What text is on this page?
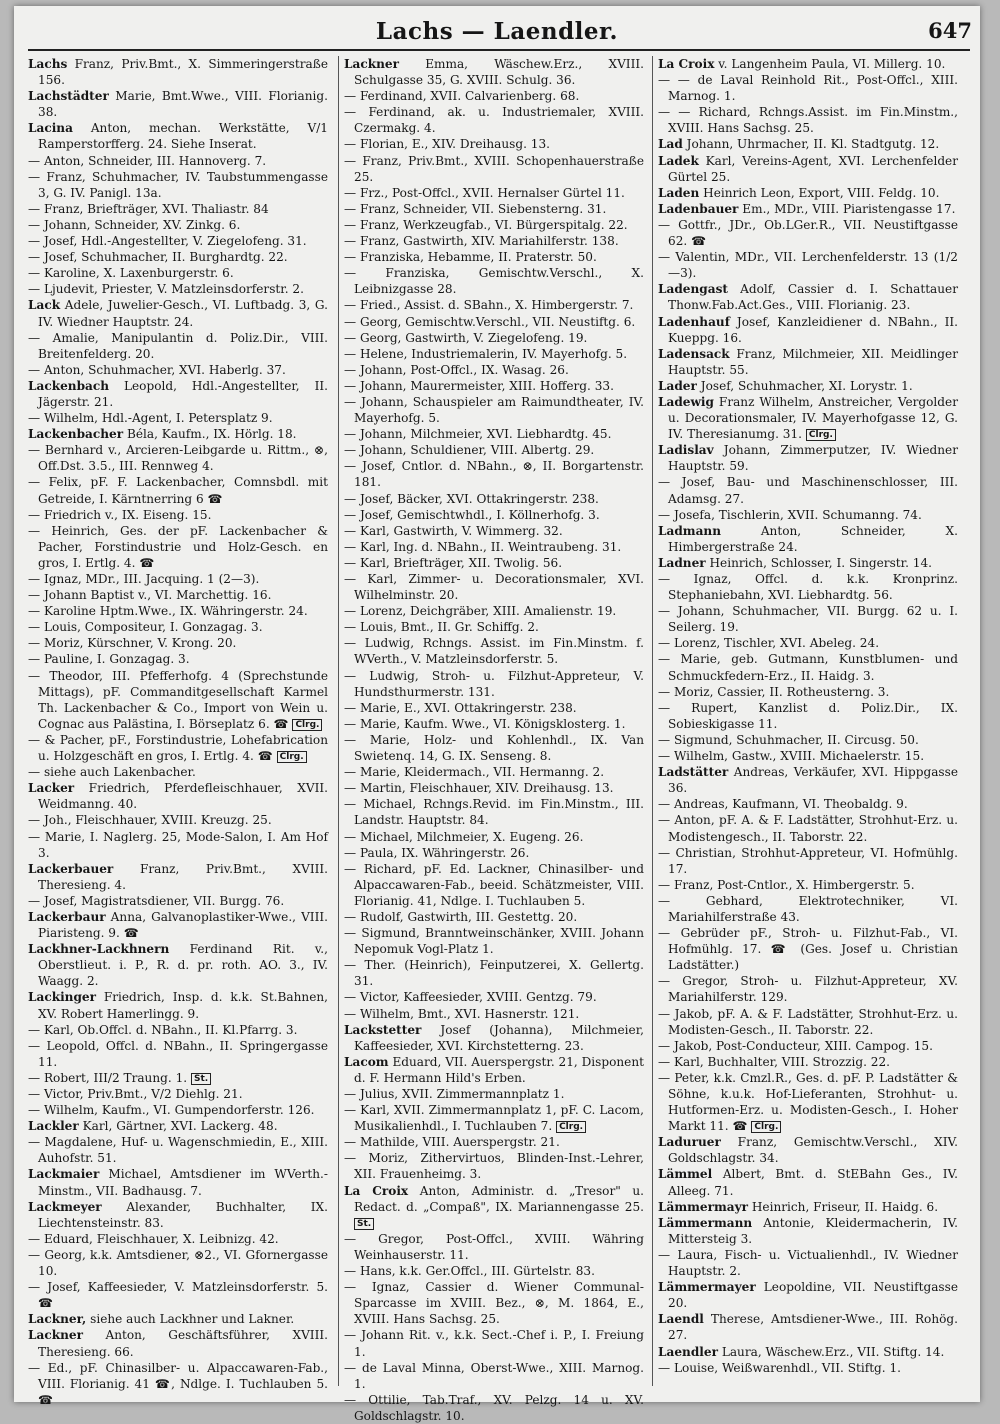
Lachs — Laendler.	647
Lachs Franz, Priv.Bmt., X. Simmeringerstraße 156.
Lachstädter Marie, Bmt.Wwe., VIII. Florianig. 38.
Lacina Anton, mechan. Werkstätte, V/1 Ramperstorfferg. 24. Siehe Inserat.
— Anton, Schneider, III. Hannoverg. 7.
— Franz, Schuhmacher, IV. Taubstummengasse 3, G. IV. Panigl. 13a.
— Franz, Briefträger, XVI. Thaliastr. 84
— Johann, Schneider, XV. Zinkg. 6.
— Josef, Hdl.-Angestellter, V. Ziegelofeng. 31.
— Josef, Schuhmacher, II. Burghardtg. 22.
— Karoline, X. Laxenburgerstr. 6.
— Ljudevit, Priester, V. Matzleinsdorferstr. 2.
Lack Adele, Juwelier-Gesch., VI. Luftbadg. 3, G. IV. Wiedner Hauptstr. 24.
— Amalie, Manipulantin d. Poliz.Dir., VIII. Breitenfelderg. 20.
— Anton, Schuhmacher, XVI. Haberlg. 37.
Lackenbach Leopold, Hdl.-Angestellter, II. Jägerstr. 21.
— Wilhelm, Hdl.-Agent, I. Petersplatz 9.
Lackenbacher Béla, Kaufm., IX. Hörlg. 18.
— Bernhard v., Arcieren-Leibgarde u. Rittm., ⊗, Off.Dst. 3.5., III. Rennweg 4.
— Felix, pF. F. Lackenbacher, Comnsbdl. mit Getreide, I. Kärntnerring 6 ☎
— Friedrich v., IX. Eiseng. 15.
— Heinrich, Ges. der pF. Lackenbacher & Pacher, Forstindustrie und Holz-Gesch. en gros, I. Ertlg. 4. ☎
— Ignaz, MDr., III. Jacquing. 1 (2—3).
— Johann Baptist v., VI. Marchettig. 16.
— Karoline Hptm.Wwe., IX. Währingerstr. 24.
— Louis, Compositeur, I. Gonzagag. 3.
— Moriz, Kürschner, V. Krong. 20.
— Pauline, I. Gonzagag. 3.
— Theodor, III. Pfefferhofg. 4 (Sprechstunde Mittags), pF. Commanditgesellschaft Karmel Th. Lackenbacher & Co., Import von Wein u. Cognac aus Palästina, I. Börseplatz 6. ☎ Clrg.
— & Pacher, pF., Forstindustrie, Lohefabrication u. Holzgeschäft en gros, I. Ertlg. 4. ☎ Clrg.
— siehe auch Lakenbacher.
Lacker Friedrich, Pferdefleischhauer, XVII. Weidmanng. 40.
— Joh., Fleischhauer, XVIII. Kreuzg. 25.
— Marie, I. Naglerg. 25, Mode-Salon, I. Am Hof 3.
Lackerbauer Franz, Priv.Bmt., XVIII. Theresieng. 4.
— Josef, Magistratsdiener, VII. Burgg. 76.
Lackerbaur Anna, Galvanoplastiker-Wwe., VIII. Piaristeng. 9. ☎
Lackhner-Lackhnern Ferdinand Rit. v., Oberstlieut. i. P., R. d. pr. roth. AO. 3., IV. Waagg. 2.
Lackinger Friedrich, Insp. d. k.k. St.Bahnen, XV. Robert Hamerlingg. 9.
— Karl, Ob.Offcl. d. NBahn., II. Kl.Pfarrg. 3.
— Leopold, Offcl. d. NBahn., II. Springergasse 11.
— Robert, III/2 Traung. 1. St.
— Victor, Priv.Bmt., V/2 Diehlg. 21.
— Wilhelm, Kaufm., VI. Gumpendorferstr. 126.
Lackler Karl, Gärtner, XVI. Lackerg. 48.
— Magdalene, Huf- u. Wagenschmiedin, E., XIII. Auhofstr. 51.
Lackmaier Michael, Amtsdiener im WVerth.-Minstm., VII. Badhausg. 7.
Lackmeyer Alexander, Buchhalter, IX. Liechtensteinstr. 83.
— Eduard, Fleischhauer, X. Leibnizg. 42.
— Georg, k.k. Amtsdiener, ⊗2., VI. Gfornergasse 10.
— Josef, Kaffeesieder, V. Matzleinsdorferstr. 5. ☎
Lackner, siehe auch Lackhner und Lakner.
Lackner Anton, Geschäftsführer, XVIII. Theresieng. 66.
— Ed., pF. Chinasilber- u. Alpaccawaren-Fab., VIII. Florianig. 41 ☎, Ndlge. I. Tuchlauben 5. ☎
Lackner Emma, Wäschew.Erz., XVIII. Schulgasse 35, G. XVIII. Schulg. 36.
— Ferdinand, XVII. Calvarienberg. 68.
— Ferdinand, ak. u. Industriemaler, XVIII. Czermakg. 4.
— Florian, E., XIV. Dreihausg. 13.
— Franz, Priv.Bmt., XVIII. Schopenhauerstraße 25.
— Frz., Post-Offcl., XVII. Hernalser Gürtel 11.
— Franz, Schneider, VII. Siebensterng. 31.
— Franz, Werkzeugfab., VI. Bürgerspitalg. 22.
— Franz, Gastwirth, XIV. Mariahilferstr. 138.
— Franziska, Hebamme, II. Praterstr. 50.
— Franziska, Gemischtw.Verschl., X. Leibnizgasse 28.
— Fried., Assist. d. SBahn., X. Himbergerstr. 7.
— Georg, Gemischtw.Verschl., VII. Neustiftg. 6.
— Georg, Gastwirth, V. Ziegelofeng. 19.
— Helene, Industriemalerin, IV. Mayerhofg. 5.
— Johann, Post-Offcl., IX. Wasag. 26.
— Johann, Maurermeister, XIII. Hofferg. 33.
— Johann, Schauspieler am Raimundtheater, IV. Mayerhofg. 5.
— Johann, Milchmeier, XVI. Liebhardtg. 45.
— Johann, Schuldiener, VIII. Albertg. 29.
— Josef, Cntlor. d. NBahn., ⊗, II. Borgartenstr. 181.
— Josef, Bäcker, XVI. Ottakringerstr. 238.
— Josef, Gemischtwhdl., I. Köllnerhofg. 3.
— Karl, Gastwirth, V. Wimmerg. 32.
— Karl, Ing. d. NBahn., II. Weintraubeng. 31.
— Karl, Briefträger, XII. Twolig. 56.
— Karl, Zimmer- u. Decorationsmaler, XVI. Wilhelminstr. 20.
— Lorenz, Deichgräber, XIII. Amalienstr. 19.
— Louis, Bmt., II. Gr. Schiffg. 2.
— Ludwig, Rchngs. Assist. im Fin.Minstm. f. WVerth., V. Matzleinsdorferstr. 5.
— Ludwig, Stroh- u. Filzhut-Appreteur, V. Hundsthurmerstr. 131.
— Marie, E., XVI. Ottakringerstr. 238.
— Marie, Kaufm. Wwe., VI. Königsklosterg. 1.
— Marie, Holz- und Kohlenhdl., IX. Van Swietenq. 14, G. IX. Senseng. 8.
— Marie, Kleidermach., VII. Hermanng. 2.
— Martin, Fleischhauer, XIV. Dreihausg. 13.
— Michael, Rchngs.Revid. im Fin.Minstm., III. Landstr. Hauptstr. 84.
— Michael, Milchmeier, X. Eugeng. 26.
— Paula, IX. Währingerstr. 26.
— Richard, pF. Ed. Lackner, Chinasilber- und Alpaccawaren-Fab., beeid. Schätzmeister, VIII. Florianig. 41, Ndlge. I. Tuchlauben 5.
— Rudolf, Gastwirth, III. Gestettg. 20.
— Sigmund, Branntweinschänker, XVIII. Johann Nepomuk Vogl-Platz 1.
— Ther. (Heinrich), Feinputzerei, X. Gellertg. 31.
— Victor, Kaffeesieder, XVIII. Gentzg. 79.
— Wilhelm, Bmt., XVI. Hasnerstr. 121.
Lackstetter Josef (Johanna), Milchmeier, Kaffeesieder, XVI. Kirchstetterng. 23.
Lacom Eduard, VII. Auerspergstr. 21, Disponent d. F. Hermann Hild's Erben.
— Julius, XVII. Zimmermannplatz 1.
— Karl, XVII. Zimmermannplatz 1, pF. C. Lacom, Musikalienhdl., I. Tuchlauben 7. Clrg.
— Mathilde, VIII. Auerspergstr. 21.
— Moriz, Zithervirtuos, Blinden-Inst.-Lehrer, XII. Frauenheimg. 3.
La Croix Anton, Administr. d. „Tresor" u. Redact. d. „Compaß", IX. Mariannengasse 25. St.
— Gregor, Post-Offcl., XVIII. Währing Weinhauserstr. 11.
— Hans, k.k. Ger.Offcl., III. Gürtelstr. 83.
— Ignaz, Cassier d. Wiener Communal-Sparcasse im XVIII. Bez., ⊗, M. 1864, E., XVIII. Hans Sachsg. 25.
— Johann Rit. v., k.k. Sect.-Chef i. P., I. Freiung 1.
— de Laval Minna, Oberst-Wwe., XIII. Marnog. 1.
— Ottilie, Tab.Traf., XV. Pelzg. 14 u. XV. Goldschlagstr. 10.
La Croix v. Langenheim Paula, VI. Millerg. 10.
— — de Laval Reinhold Rit., Post-Offcl., XIII. Marnog. 1.
— — Richard, Rchngs.Assist. im Fin.Minstm., XVIII. Hans Sachsg. 25.
Lad Johann, Uhrmacher, II. Kl. Stadtgutg. 12.
Ladek Karl, Vereins-Agent, XVI. Lerchenfelder Gürtel 25.
Laden Heinrich Leon, Export, VIII. Feldg. 10.
Ladenbauer Em., MDr., VIII. Piaristengasse 17.
— Gottfr., JDr., Ob.LGer.R., VII. Neustiftgasse 62. ☎
— Valentin, MDr., VII. Lerchenfelderstr. 13 (1/2—3).
Ladengast Adolf, Cassier d. I. Schattauer Thonw.Fab.Act.Ges., VIII. Florianig. 23.
Ladenhauf Josef, Kanzleidiener d. NBahn., II. Kueppg. 16.
Ladensack Franz, Milchmeier, XII. Meidlinger Hauptstr. 55.
Lader Josef, Schuhmacher, XI. Lorystr. 1.
Ladewig Franz Wilhelm, Anstreicher, Vergolder u. Decorationsmaler, IV. Mayerhofgasse 12, G. IV. Theresianumg. 31. Clrg.
Ladislav Johann, Zimmerputzer, IV. Wiedner Hauptstr. 59.
— Josef, Bau- und Maschinenschlosser, III. Adamsg. 27.
— Josefa, Tischlerin, XVII. Schumanng. 74.
Ladmann	Anton, Schneider, X. Himbergerstraße 24.
Ladner Heinrich, Schlosser, I. Singerstr. 14.
— Ignaz, Offcl. d. k.k. Kronprinz. Stephaniebahn, XVI. Liebhardtg. 56.
— Johann, Schuhmacher, VII. Burgg. 62 u. I. Seilerg. 19.
— Lorenz, Tischler, XVI. Abeleg. 24.
— Marie, geb. Gutmann, Kunstblumen- und Schmuckfedern-Erz., II. Haidg. 3.
— Moriz, Cassier, II. Rotheusterng. 3.
— Rupert, Kanzlist d. Poliz.Dir., IX. Sobieskigasse 11.
— Sigmund, Schuhmacher, II. Circusg. 50.
— Wilhelm, Gastw., XVIII. Michaelerstr. 15.
Ladstätter Andreas, Verkäufer, XVI. Hippgasse 36.
— Andreas, Kaufmann, VI. Theobaldg. 9.
— Anton, pF. A. & F. Ladstätter, Strohhut-Erz. u. Modistengesch., II. Taborstr. 22.
— Christian, Strohhut-Appreteur, VI. Hofmühlg. 17.
— Franz, Post-Cntlor., X. Himbergerstr. 5.
— Gebhard, Elektrotechniker, VI. Mariahilferstraße 43.
— Gebrüder pF., Stroh- u. Filzhut-Fab., VI. Hofmühlg. 17. ☎ (Ges. Josef u. Christian Ladstätter.)
— Gregor, Stroh- u. Filzhut-Appreteur, XV. Mariahilferstr. 129.
— Jakob, pF. A. & F. Ladstätter, Strohhut-Erz. u. Modisten-Gesch., II. Taborstr. 22.
— Jakob, Post-Conducteur, XIII. Campog. 15.
— Karl, Buchhalter, VIII. Strozzig. 22.
— Peter, k.k. Cmzl.R., Ges. d. pF. P. Ladstätter & Söhne, k.u.k. Hof-Lieferanten, Strohhut- u. Hutformen-Erz. u. Modisten-Gesch., I. Hoher Markt 11. ☎ Clrg.
Laduruer Franz, Gemischtw.Verschl., XIV. Goldschlagstr. 34.
Lämmel Albert, Bmt. d. StEBahn Ges., IV. Alleeg. 71.
Lämmermayr Heinrich, Friseur, II. Haidg. 6.
Lämmermann Antonie, Kleidermacherin, IV. Mittersteig 3.
— Laura, Fisch- u. Victualienhdl., IV. Wiedner Hauptstr. 2.
Lämmermayer Leopoldine, VII. Neustiftgasse 20.
Laendl Therese, Amtsdiener-Wwe., III. Rohög. 27.
Laendler Laura, Wäschew.Erz., VII. Stiftg. 14.
— Louise, Weißwarenhdl., VII. Stiftg. 1.
